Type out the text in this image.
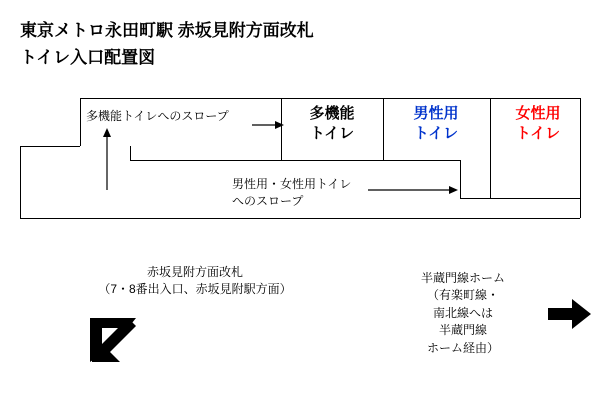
東京メトロ永田町駅 赤坂見附方面改札
トイレ入口配置図
多機能
トイレ
男性用
トイレ
女性用
トイレ
多機能トイレへのスロープ
男性用・女性用トイレ
へのスロープ
赤坂見附方面改札
（7・8番出入口、赤坂見附駅方面）
半蔵門線ホーム
（有楽町線・
南北線へは
半蔵門線
ホーム経由）
